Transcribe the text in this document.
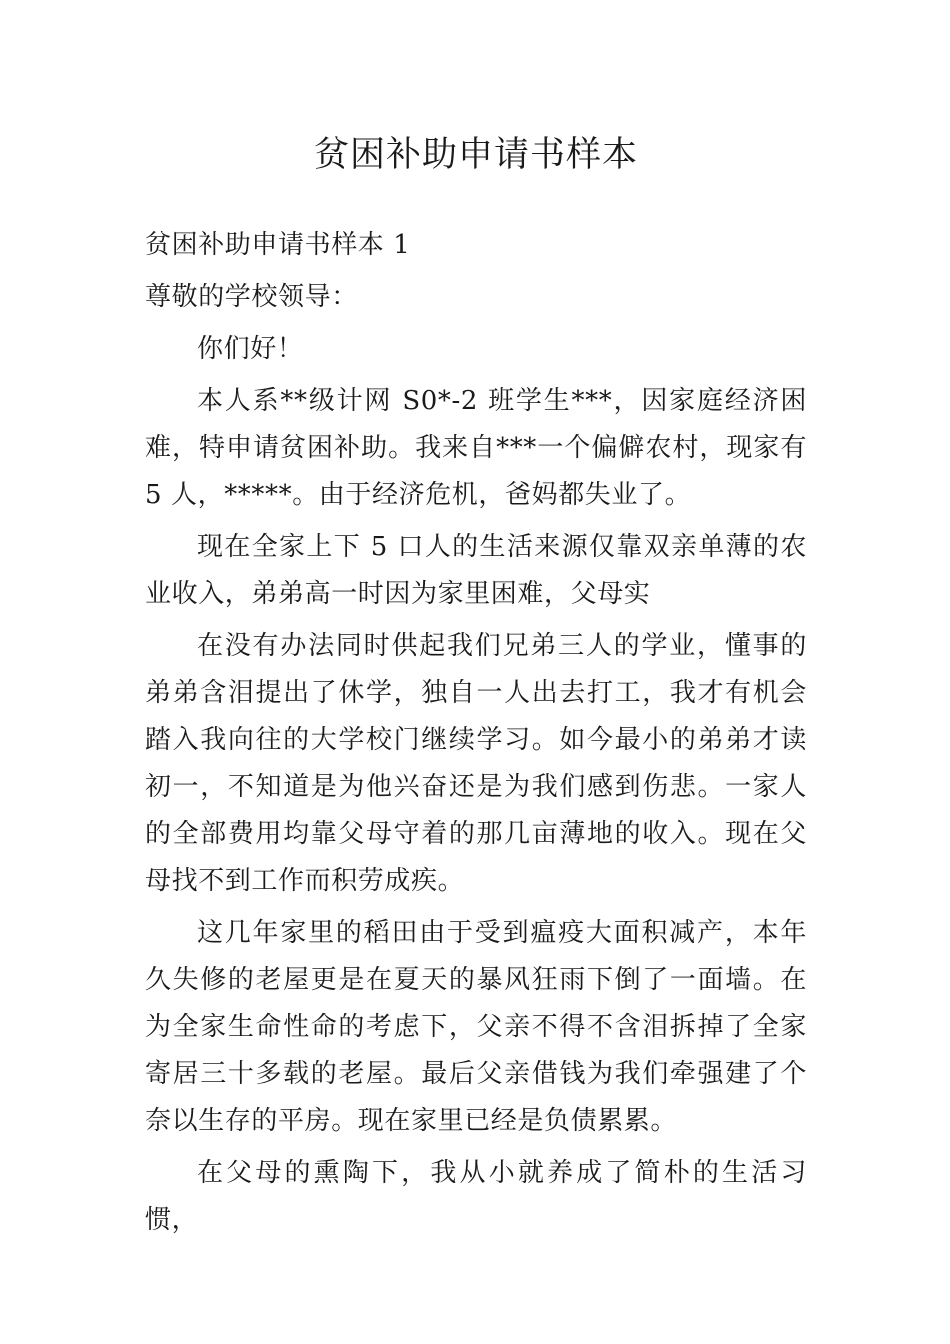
贫困补助申请书样本

贫困补助申请书样本 1

尊敬的学校领导：

你们好！

本人系**级计网 S0*-2 班学生***，因家庭经济困难，特申请贫困补助。我来自***一个偏僻农村，现家有 5 人，*****。由于经济危机，爸妈都失业了。

现在全家上下 5 口人的生活来源仅靠双亲单薄的农业收入，弟弟高一时因为家里困难，父母实

在没有办法同时供起我们兄弟三人的学业，懂事的弟弟含泪提出了休学，独自一人出去打工，我才有机会踏入我向往的大学校门继续学习。如今最小的弟弟才读初一，不知道是为他兴奋还是为我们感到伤悲。一家人的全部费用均靠父母守着的那几亩薄地的收入。现在父母找不到工作而积劳成疾。

这几年家里的稻田由于受到瘟疫大面积减产，本年久失修的老屋更是在夏天的暴风狂雨下倒了一面墙。在为全家生命性命的考虑下，父亲不得不含泪拆掉了全家寄居三十多载的老屋。最后父亲借钱为我们牵强建了个奈以生存的平房。现在家里已经是负债累累。

在父母的熏陶下，我从小就养成了简朴的生活习惯，
